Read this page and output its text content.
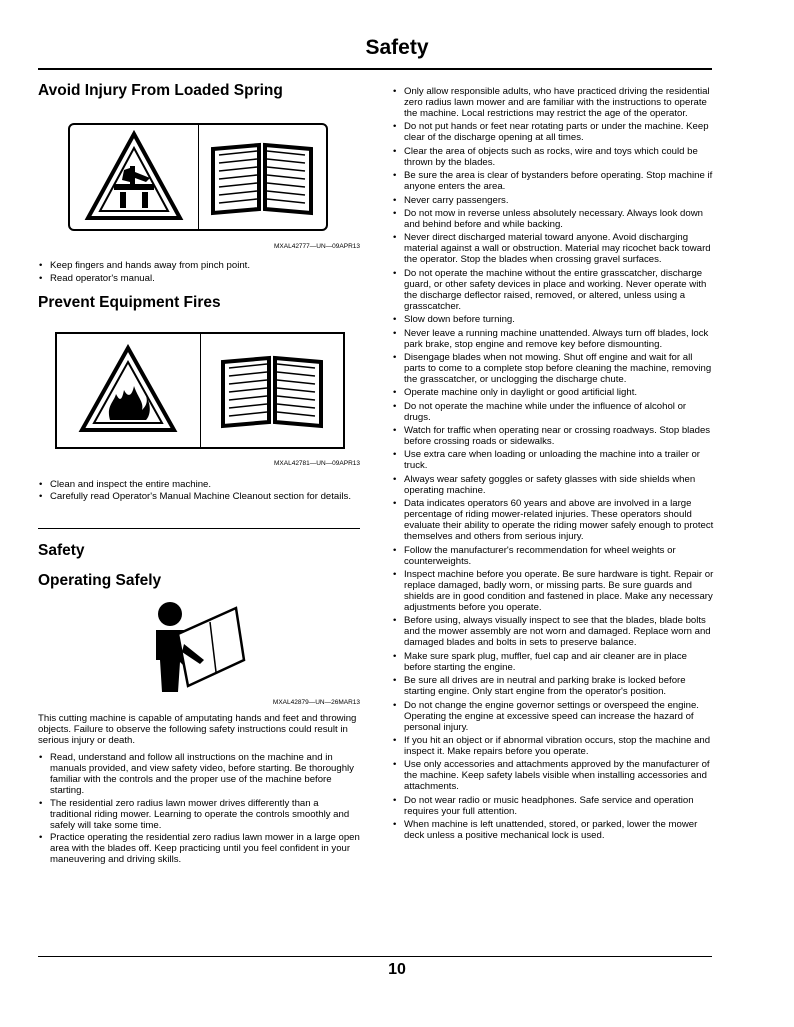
Safety
Avoid Injury From Loaded Spring
MXAL42777—UN—09APR13
• Keep fingers and hands away from pinch point.
• Read operator's manual.
Prevent Equipment Fires
MXAL42781—UN—09APR13
• Clean and inspect the entire machine.
• Carefully read Operator's Manual Machine Cleanout section for details.
Safety
Operating Safely
MXAL42879—UN—26MAR13

This cutting machine is capable of amputating hands and feet and throwing objects. Failure to observe the following safety instructions could result in serious injury or death.

• Read, understand and follow all instructions on the machine and in manuals provided, and view safety video, before starting. Be thoroughly familiar with the controls and the proper use of the machine before starting.
• The residential zero radius lawn mower drives differently than a traditional riding mower. Learning to operate the controls smoothly and safely will take some time.
• Practice operating the residential zero radius lawn mower in a large open area with the blades off. Keep practicing until you feel confident in your maneuvering and driving skills.
• Only allow responsible adults, who have practiced driving the residential zero radius lawn mower and are familiar with the instructions to operate the machine. Local restrictions may restrict the age of the operator.
• Do not put hands or feet near rotating parts or under the machine. Keep clear of the discharge opening at all times.
• Clear the area of objects such as rocks, wire and toys which could be thrown by the blades.
• Be sure the area is clear of bystanders before operating. Stop machine if anyone enters the area.
• Never carry passengers.
• Do not mow in reverse unless absolutely necessary. Always look down and behind before and while backing.
• Never direct discharged material toward anyone. Avoid discharging material against a wall or obstruction. Material may ricochet back toward the operator. Stop the blades when crossing gravel surfaces.
• Do not operate the machine without the entire grasscatcher, discharge guard, or other safety devices in place and working. Never operate with the discharge deflector raised, removed, or altered, unless using a grasscatcher.
• Slow down before turning.
• Never leave a running machine unattended. Always turn off blades, lock park brake, stop engine and remove key before dismounting.
• Disengage blades when not mowing. Shut off engine and wait for all parts to come to a complete stop before cleaning the machine, removing the grasscatcher, or unclogging the discharge chute.
• Operate machine only in daylight or good artificial light.
• Do not operate the machine while under the influence of alcohol or drugs.
• Watch for traffic when operating near or crossing roadways. Stop blades before crossing roads or sidewalks.
• Use extra care when loading or unloading the machine into a trailer or truck.
• Always wear safety goggles or safety glasses with side shields when operating machine.
• Data indicates operators 60 years and above are involved in a large percentage of riding mower-related injuries. These operators should evaluate their ability to operate the riding mower safely enough to protect themselves and others from serious injury.
• Follow the manufacturer's recommendation for wheel weights or counterweights.
• Inspect machine before you operate. Be sure hardware is tight. Repair or replace damaged, badly worn, or missing parts. Be sure guards and shields are in good condition and fastened in place. Make any necessary adjustments before you operate.
• Before using, always visually inspect to see that the blades, blade bolts and the mower assembly are not worn and damaged. Replace worn and damaged blades and bolts in sets to preserve balance.
• Make sure spark plug, muffler, fuel cap and air cleaner are in place before starting the engine.
• Be sure all drives are in neutral and parking brake is locked before starting engine. Only start engine from the operator's position.
• Do not change the engine governor settings or overspeed the engine. Operating the engine at excessive speed can increase the hazard of personal injury.
• If you hit an object or if abnormal vibration occurs, stop the machine and inspect it. Make repairs before you operate.
• Use only accessories and attachments approved by the manufacturer of the machine. Keep safety labels visible when installing accessories and attachments.
• Do not wear radio or music headphones. Safe service and operation requires your full attention.
• When machine is left unattended, stored, or parked, lower the mower deck unless a positive mechanical lock is used.
10
